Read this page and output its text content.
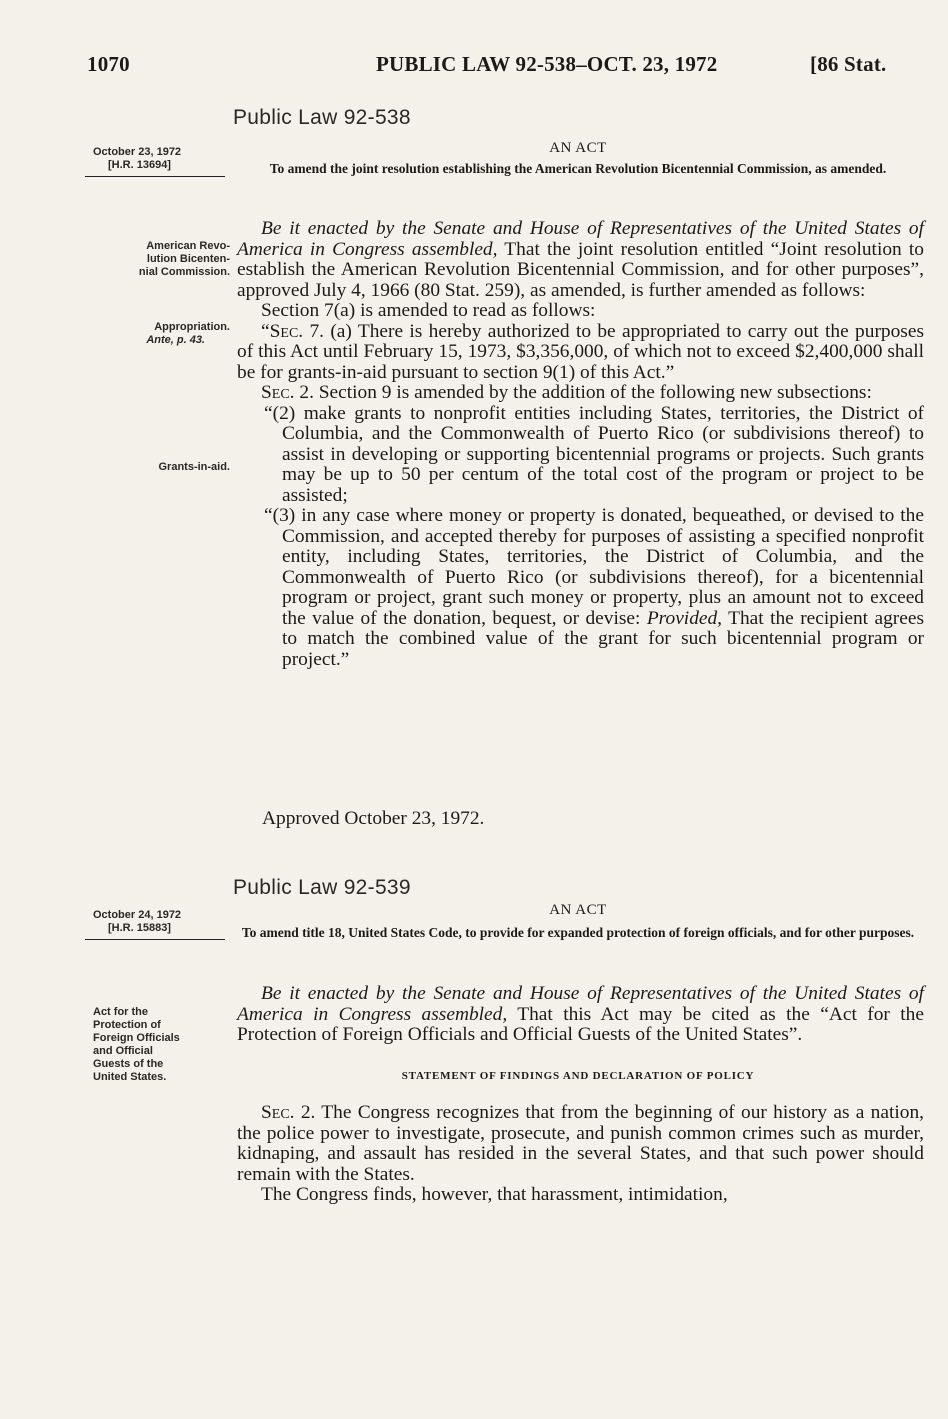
1070	PUBLIC LAW 92-538–OCT. 23, 1972	[86 Stat.
Public Law 92-538
October 23, 1972
[H.R. 13694]
AN ACT
To amend the joint resolution establishing the American Revolution Bicentennial Commission, as amended.
American Revo-
lution Bicenten-
nial Commission.
Appropriation.
Ante, p. 43.
Grants-in-aid.

Be it enacted by the Senate and House of Representatives of the United States of America in Congress assembled, That the joint resolution entitled “Joint resolution to establish the American Revolution Bicentennial Commission, and for other purposes”, approved July 4, 1966 (80 Stat. 259), as amended, is further amended as follows:

Section 7(a) is amended to read as follows:

“Sec. 7. (a) There is hereby authorized to be appropriated to carry out the purposes of this Act until February 15, 1973, $3,356,000, of which not to exceed $2,400,000 shall be for grants-in-aid pursuant to section 9(1) of this Act.”

Sec. 2. Section 9 is amended by the addition of the following new subsections:

“(2) make grants to nonprofit entities including States, territories, the District of Columbia, and the Commonwealth of Puerto Rico (or subdivisions thereof) to assist in developing or supporting bicentennial programs or projects. Such grants may be up to 50 per centum of the total cost of the program or project to be assisted;

“(3) in any case where money or property is donated, bequeathed, or devised to the Commission, and accepted thereby for purposes of assisting a specified nonprofit entity, including States, territories, the District of Columbia, and the Commonwealth of Puerto Rico (or subdivisions thereof), for a bicentennial program or project, grant such money or property, plus an amount not to exceed the value of the donation, bequest, or devise: Provided, That the recipient agrees to match the combined value of the grant for such bicentennial program or project.”

Approved October 23, 1972.
Public Law 92-539
October 24, 1972
[H.R. 15883]
AN ACT
To amend title 18, United States Code, to provide for expanded protection of foreign officials, and for other purposes.
Act for the
Protection of
Foreign Officials
and Official
Guests of the
United States.

Be it enacted by the Senate and House of Representatives of the United States of America in Congress assembled, That this Act may be cited as the “Act for the Protection of Foreign Officials and Official Guests of the United States”.

STATEMENT OF FINDINGS AND DECLARATION OF POLICY

Sec. 2. The Congress recognizes that from the beginning of our history as a nation, the police power to investigate, prosecute, and punish common crimes such as murder, kidnaping, and assault has resided in the several States, and that such power should remain with the States.

The Congress finds, however, that harassment, intimidation,
